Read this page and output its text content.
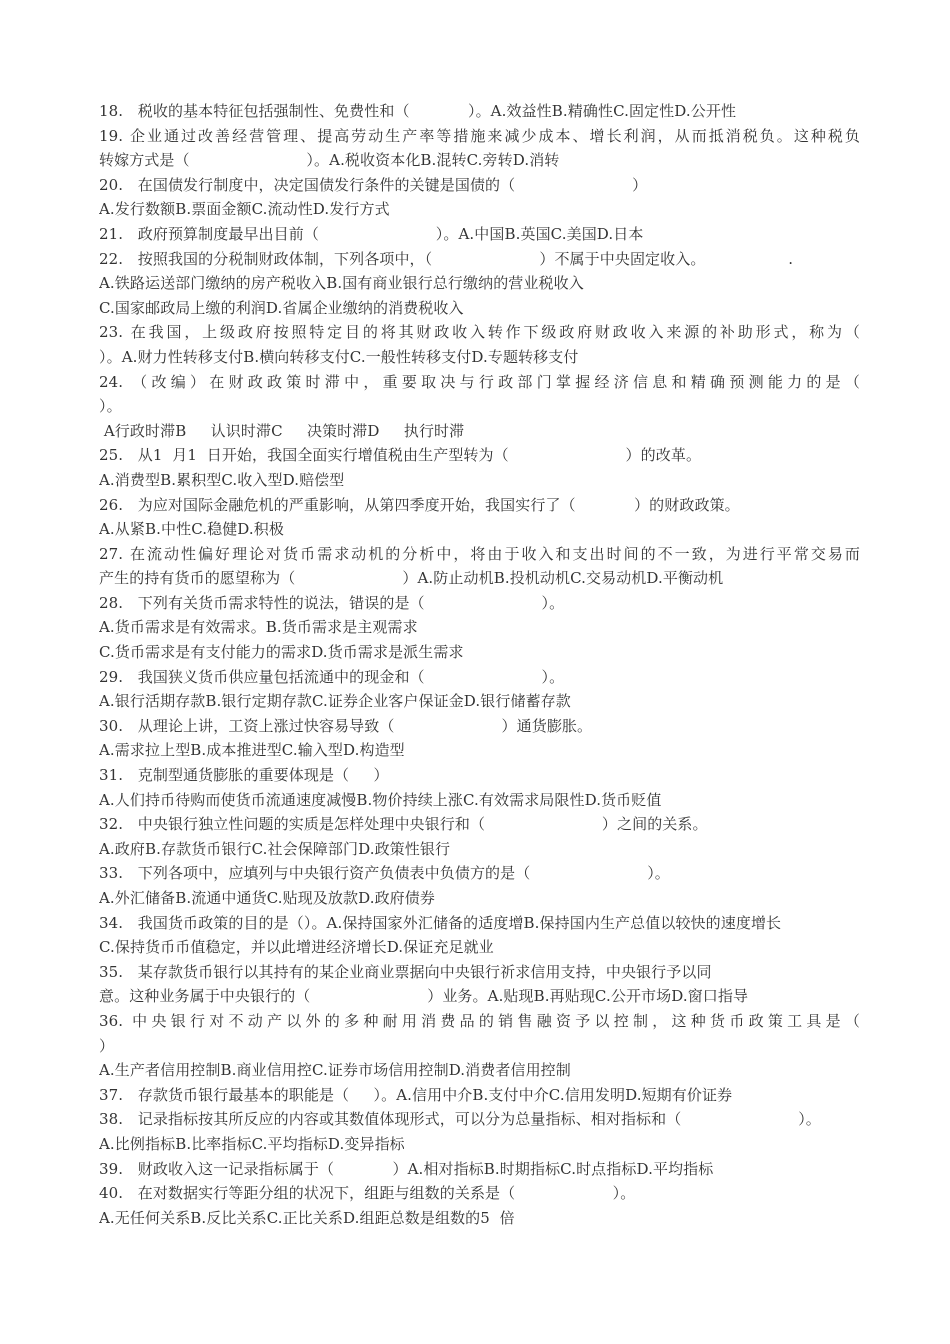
18.   税收的基本特征包括强制性、免费性和（            ）。A.效益性B.精确性C.固定性D.公开性
19. 企业通过改善经营管理、提高劳动生产率等措施来减少成本、增长利润，从而抵消税负。这种税负
转嫁方式是（                        ）。A.税收资本化B.混转C.旁转D.消转
20.   在国债发行制度中，决定国债发行条件的关键是国债的（                        ）
A.发行数额B.票面金额C.流动性D.发行方式
21.   政府预算制度最早出目前（                        ）。A.中国B.英国C.美国D.日本
22.   按照我国的分税制财政体制，下列各项中，（                      ）不属于中央固定收入。                 .
A.铁路运送部门缴纳的房产税收入B.国有商业银行总行缴纳的营业税收入
C.国家邮政局上缴的利润D.省属企业缴纳的消费税收入
23. 在我国，上级政府按照特定目的将其财政收入转作下级政府财政收入来源的补助形式，称为（
）。A.财力性转移支付B.横向转移支付C.一般性转移支付D.专题转移支付
24. （改编）在财政政策时滞中，重要取决与行政部门掌握经济信息和精确预测能力的是（
）。
A行政时滞B     认识时滞C     决策时滞D     执行时滞
25.   从1  月1  日开始，我国全面实行增值税由生产型转为（                        ）的改革。
A.消费型B.累积型C.收入型D.赔偿型
26.   为应对国际金融危机的严重影响，从第四季度开始，我国实行了（            ）的财政政策。
A.从紧B.中性C.稳健D.积极
27. 在流动性偏好理论对货币需求动机的分析中，将由于收入和支出时间的不一致，为进行平常交易而
产生的持有货币的愿望称为（                      ）A.防止动机B.投机动机C.交易动机D.平衡动机
28.   下列有关货币需求特性的说法，错误的是（                        ）。
A.货币需求是有效需求。B.货币需求是主观需求
C.货币需求是有支付能力的需求D.货币需求是派生需求
29.   我国狭义货币供应量包括流通中的现金和（                        ）。
A.银行活期存款B.银行定期存款C.证券企业客户保证金D.银行储蓄存款
30.   从理论上讲，工资上涨过快容易导致（                      ）通货膨胀。
A.需求拉上型B.成本推进型C.输入型D.构造型
31.   克制型通货膨胀的重要体现是（     ）
A.人们持币待购而使货币流通速度减慢B.物价持续上涨C.有效需求局限性D.货币贬值
32.   中央银行独立性问题的实质是怎样处理中央银行和（                        ）之间的关系。
A.政府B.存款货币银行C.社会保障部门D.政策性银行
33.   下列各项中，应填列与中央银行资产负债表中负债方的是（                        ）。
A.外汇储备B.流通中通货C.贴现及放款D.政府债券
34.   我国货币政策的目的是（）。A.保持国家外汇储备的适度增B.保持国内生产总值以较快的速度增长
C.保持货币币值稳定，并以此增进经济增长D.保证充足就业
35.   某存款货币银行以其持有的某企业商业票据向中央银行祈求信用支持，中央银行予以同
意。这种业务属于中央银行的（                        ）业务。A.贴现B.再贴现C.公开市场D.窗口指导
36. 中央银行对不动产以外的多种耐用消费品的销售融资予以控制，这种货币政策工具是（
）
A.生产者信用控制B.商业信用控C.证券市场信用控制D.消费者信用控制
37.   存款货币银行最基本的职能是（     ）。A.信用中介B.支付中介C.信用发明D.短期有价证券
38.   记录指标按其所反应的内容或其数值体现形式，可以分为总量指标、相对指标和（                        ）。
A.比例指标B.比率指标C.平均指标D.变异指标
39.   财政收入这一记录指标属于（            ）A.相对指标B.时期指标C.时点指标D.平均指标
40.   在对数据实行等距分组的状况下，组距与组数的关系是（                    ）。
A.无任何关系B.反比关系C.正比关系D.组距总数是组数的5  倍
